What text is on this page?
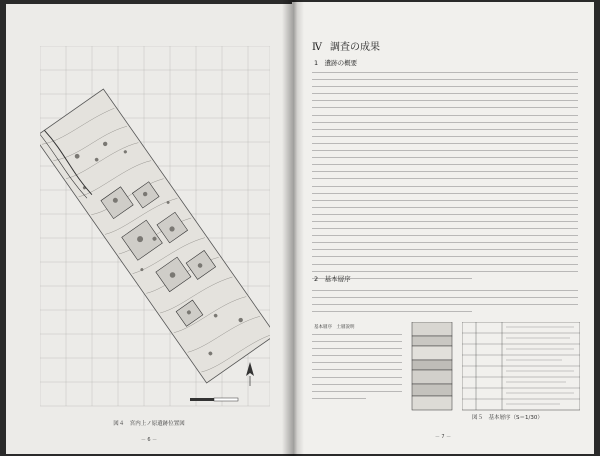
図４　宮内上ノ原遺跡位置図
－ 6 －
Ⅳ 調査の成果
1　遺跡の概要
2　基本層序
基本層序　土層説明
図５　基本層序（S＝1/30）
－ 7 －
